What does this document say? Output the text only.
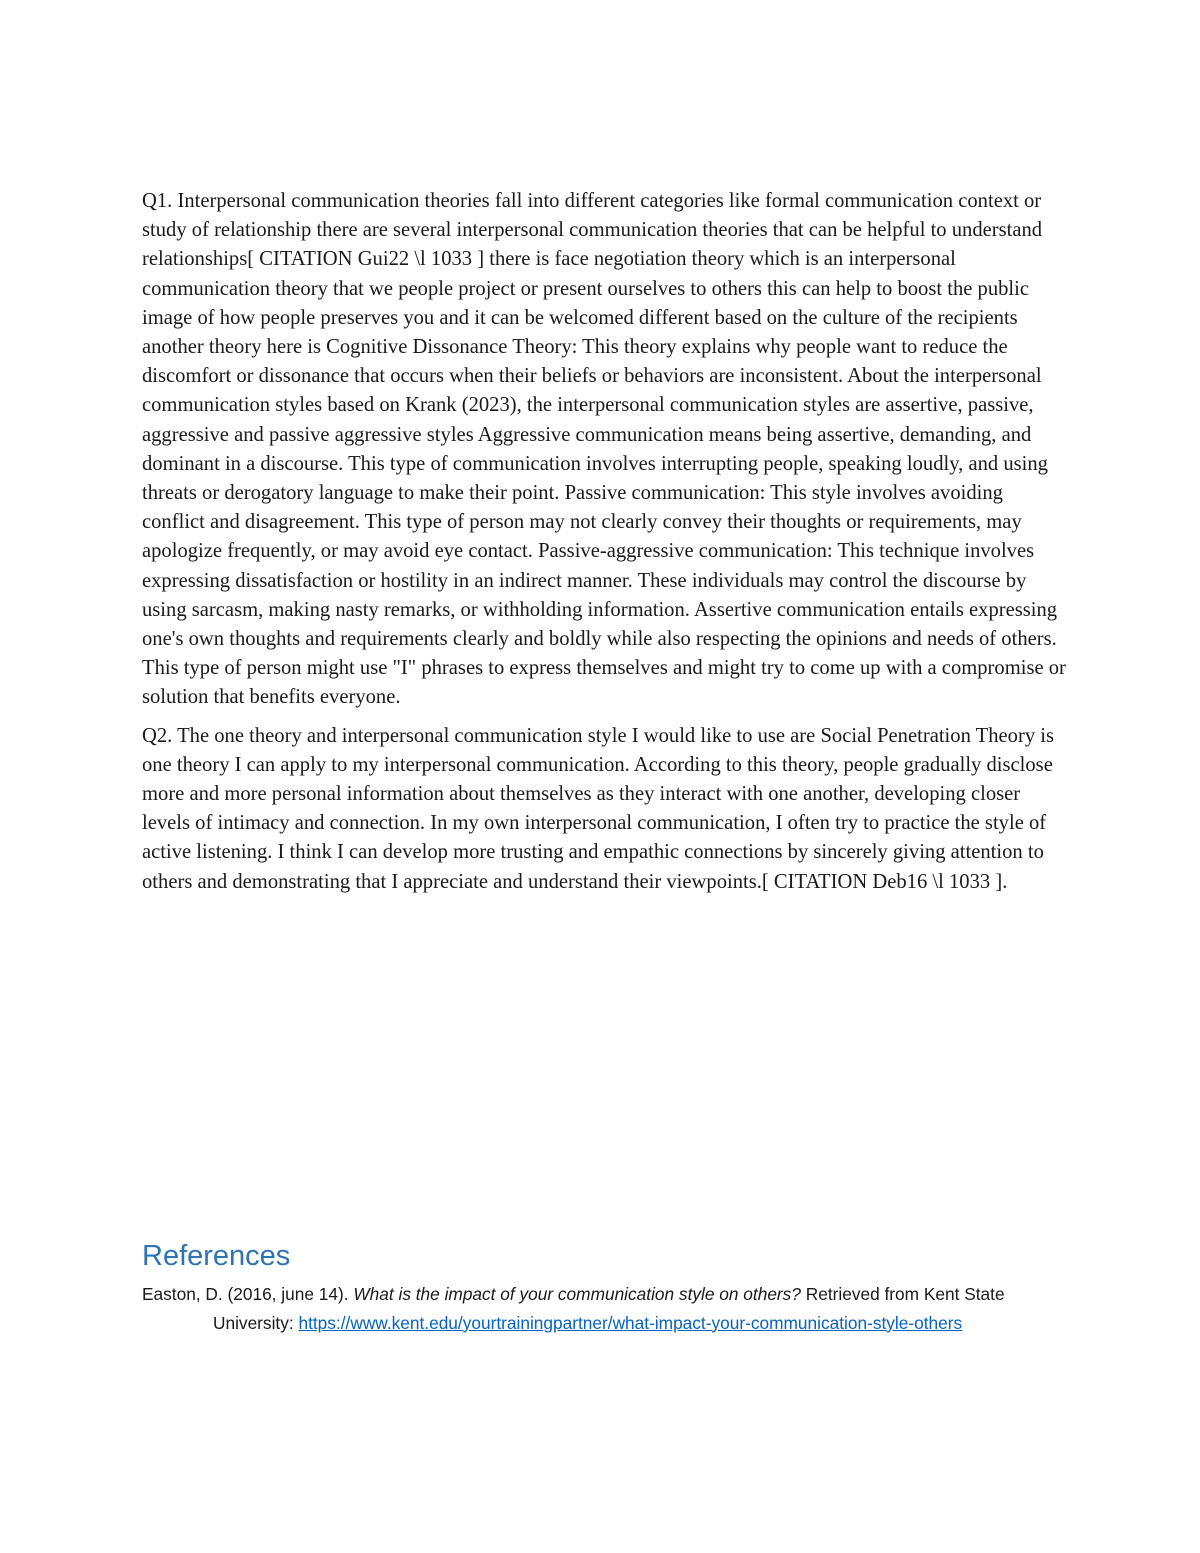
Q1. Interpersonal communication theories fall into different categories like formal communication context or study of relationship there are several interpersonal communication theories that can be helpful to understand relationships[ CITATION Gui22 \l 1033 ] there is face negotiation theory which is an interpersonal communication theory that we people project or present ourselves to others this can help to boost the public image of how people preserves you and it can be welcomed different based on the culture of the recipients another theory here is Cognitive Dissonance Theory: This theory explains why people want to reduce the discomfort or dissonance that occurs when their beliefs or behaviors are inconsistent. About the interpersonal communication styles based on Krank (2023), the interpersonal communication styles are assertive, passive, aggressive and passive aggressive styles Aggressive communication means being assertive, demanding, and dominant in a discourse. This type of communication involves interrupting people, speaking loudly, and using threats or derogatory language to make their point. Passive communication: This style involves avoiding conflict and disagreement. This type of person may not clearly convey their thoughts or requirements, may apologize frequently, or may avoid eye contact. Passive-aggressive communication: This technique involves expressing dissatisfaction or hostility in an indirect manner. These individuals may control the discourse by using sarcasm, making nasty remarks, or withholding information. Assertive communication entails expressing one's own thoughts and requirements clearly and boldly while also respecting the opinions and needs of others. This type of person might use "I" phrases to express themselves and might try to come up with a compromise or solution that benefits everyone.

Q2. The one theory and interpersonal communication style I would like to use are Social Penetration Theory is one theory I can apply to my interpersonal communication. According to this theory, people gradually disclose more and more personal information about themselves as they interact with one another, developing closer levels of intimacy and connection. In my own interpersonal communication, I often try to practice the style of active listening. I think I can develop more trusting and empathic connections by sincerely giving attention to others and demonstrating that I appreciate and understand their viewpoints.[ CITATION Deb16 \l 1033 ].

References

Easton, D. (2016, june 14). What is the impact of your communication style on others? Retrieved from Kent State University: https://www.kent.edu/yourtrainingpartner/what-impact-your-communication-style-others
